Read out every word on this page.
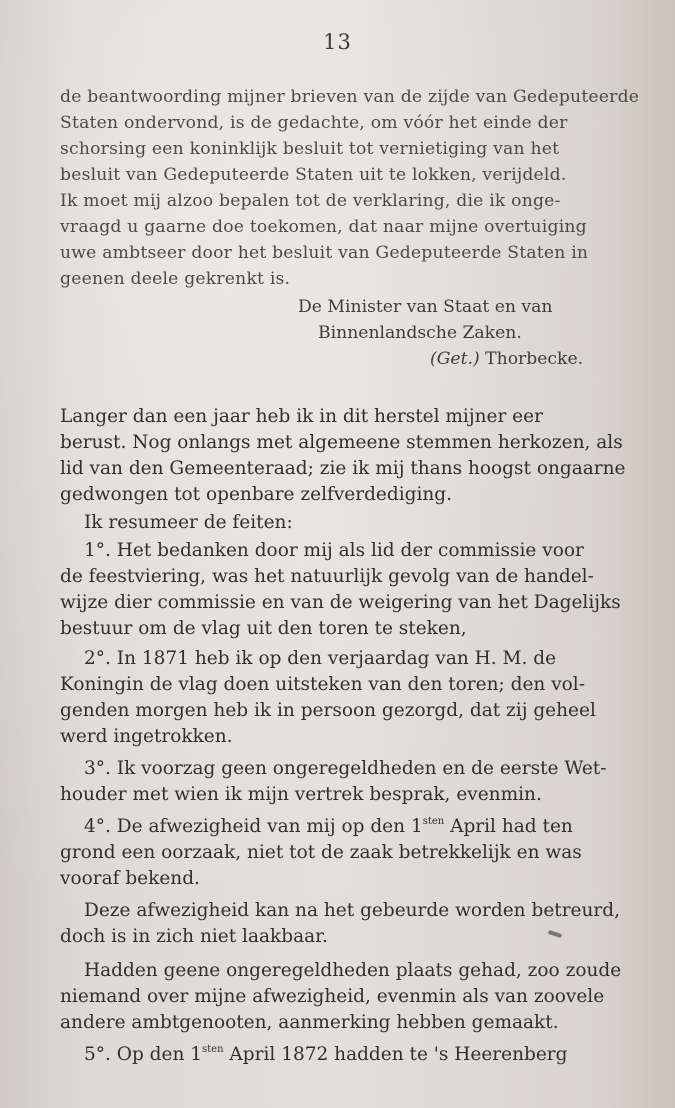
13
de beantwoording mijner brieven van de zijde van Gedeputeerde
Staten ondervond, is de gedachte, om vóór het einde der
schorsing een koninklijk besluit tot vernietiging van het
besluit van Gedeputeerde Staten uit te lokken, verijdeld.
Ik moet mij alzoo bepalen tot de verklaring, die ik onge-
vraagd u gaarne doe toekomen, dat naar mijne overtuiging
uwe ambtseer door het besluit van Gedeputeerde Staten in
geenen deele gekrenkt is.
De Minister van Staat en van
Binnenlandsche Zaken.
(Get.) Thorbecke.
Langer dan een jaar heb ik in dit herstel mijner eer
berust. Nog onlangs met algemeene stemmen herkozen, als
lid van den Gemeenteraad; zie ik mij thans hoogst ongaarne
gedwongen tot openbare zelfverdediging.
Ik resumeer de feiten:
1°. Het bedanken door mij als lid der commissie voor
de feestviering, was het natuurlijk gevolg van de handel-
wijze dier commissie en van de weigering van het Dagelijks
bestuur om de vlag uit den toren te steken,
2°. In 1871 heb ik op den verjaardag van H. M. de
Koningin de vlag doen uitsteken van den toren; den vol-
genden morgen heb ik in persoon gezorgd, dat zij geheel
werd ingetrokken.
3°. Ik voorzag geen ongeregeldheden en de eerste Wet-
houder met wien ik mijn vertrek besprak, evenmin.
4°. De afwezigheid van mij op den $1^{sten}$ April had ten
grond een oorzaak, niet tot de zaak betrekkelijk en was
vooraf bekend.
Deze afwezigheid kan na het gebeurde worden betreurd,
doch is in zich niet laakbaar.
Hadden geene ongeregeldheden plaats gehad, zoo zoude
niemand over mijne afwezigheid, evenmin als van zoovele
andere ambtgenooten, aanmerking hebben gemaakt.
5°. Op den $1^{sten}$ April 1872 hadden te 's Heerenberg
